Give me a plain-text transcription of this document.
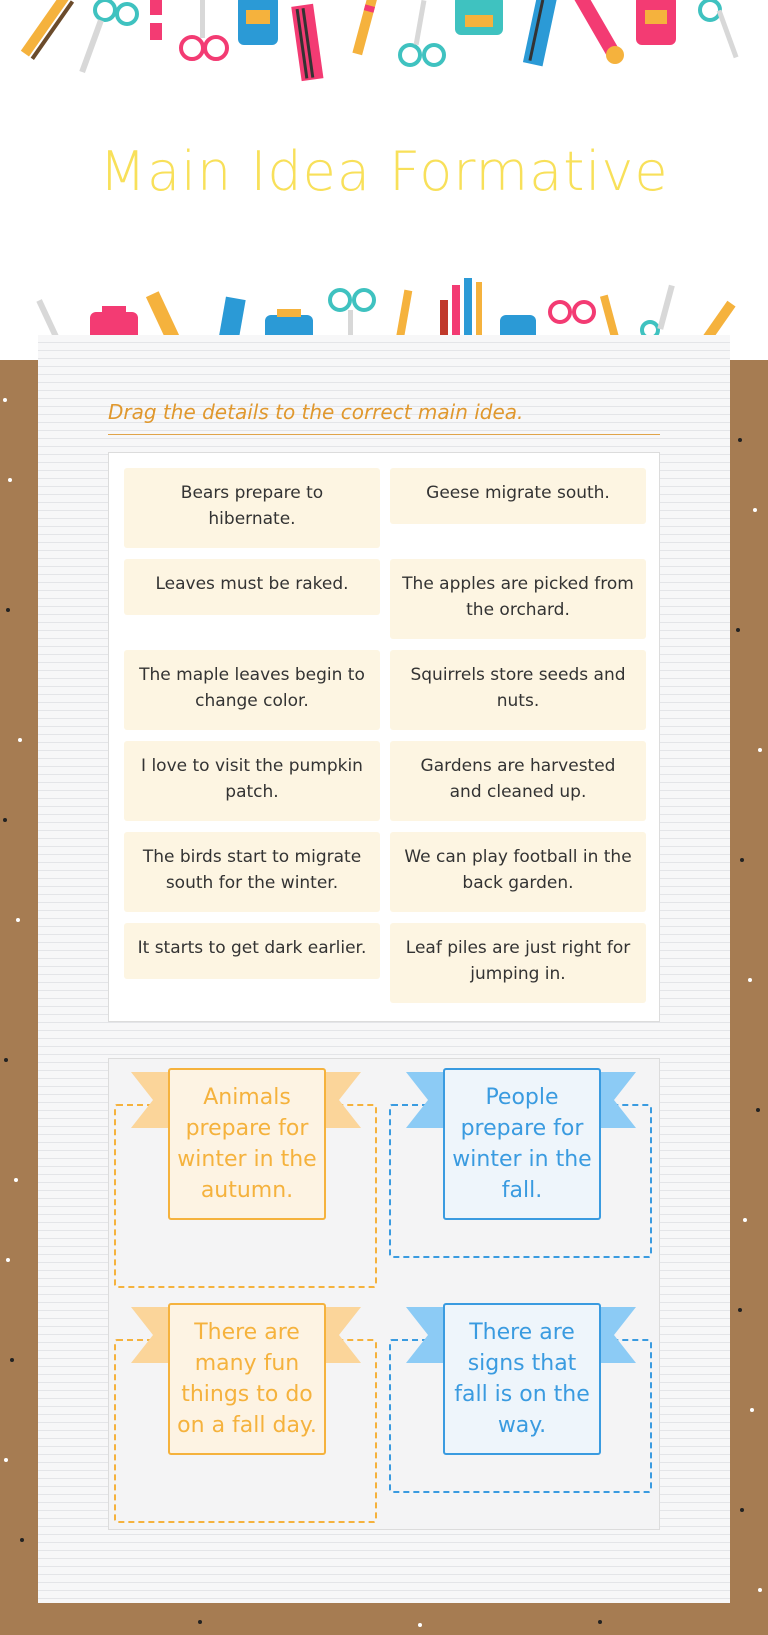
Main Idea Formative
Drag the details to the correct main idea.
Bears prepare to hibernate.
Geese migrate south.
Leaves must be raked.	The apples are picked from the orchard.
The maple leaves begin to change color.
Squirrels store seeds and nuts.
I love to visit the pumpkin patch.
Gardens are harvested and cleaned up.
The birds start to migrate south for the winter.
We can play football in the back garden.
It starts to get dark earlier.	Leaf piles are just right for jumping in.
Animals prepare for winter in the autumn.
People prepare for winter in the fall.
There are many fun things to do on a fall day.
There are signs that fall is on the way.
